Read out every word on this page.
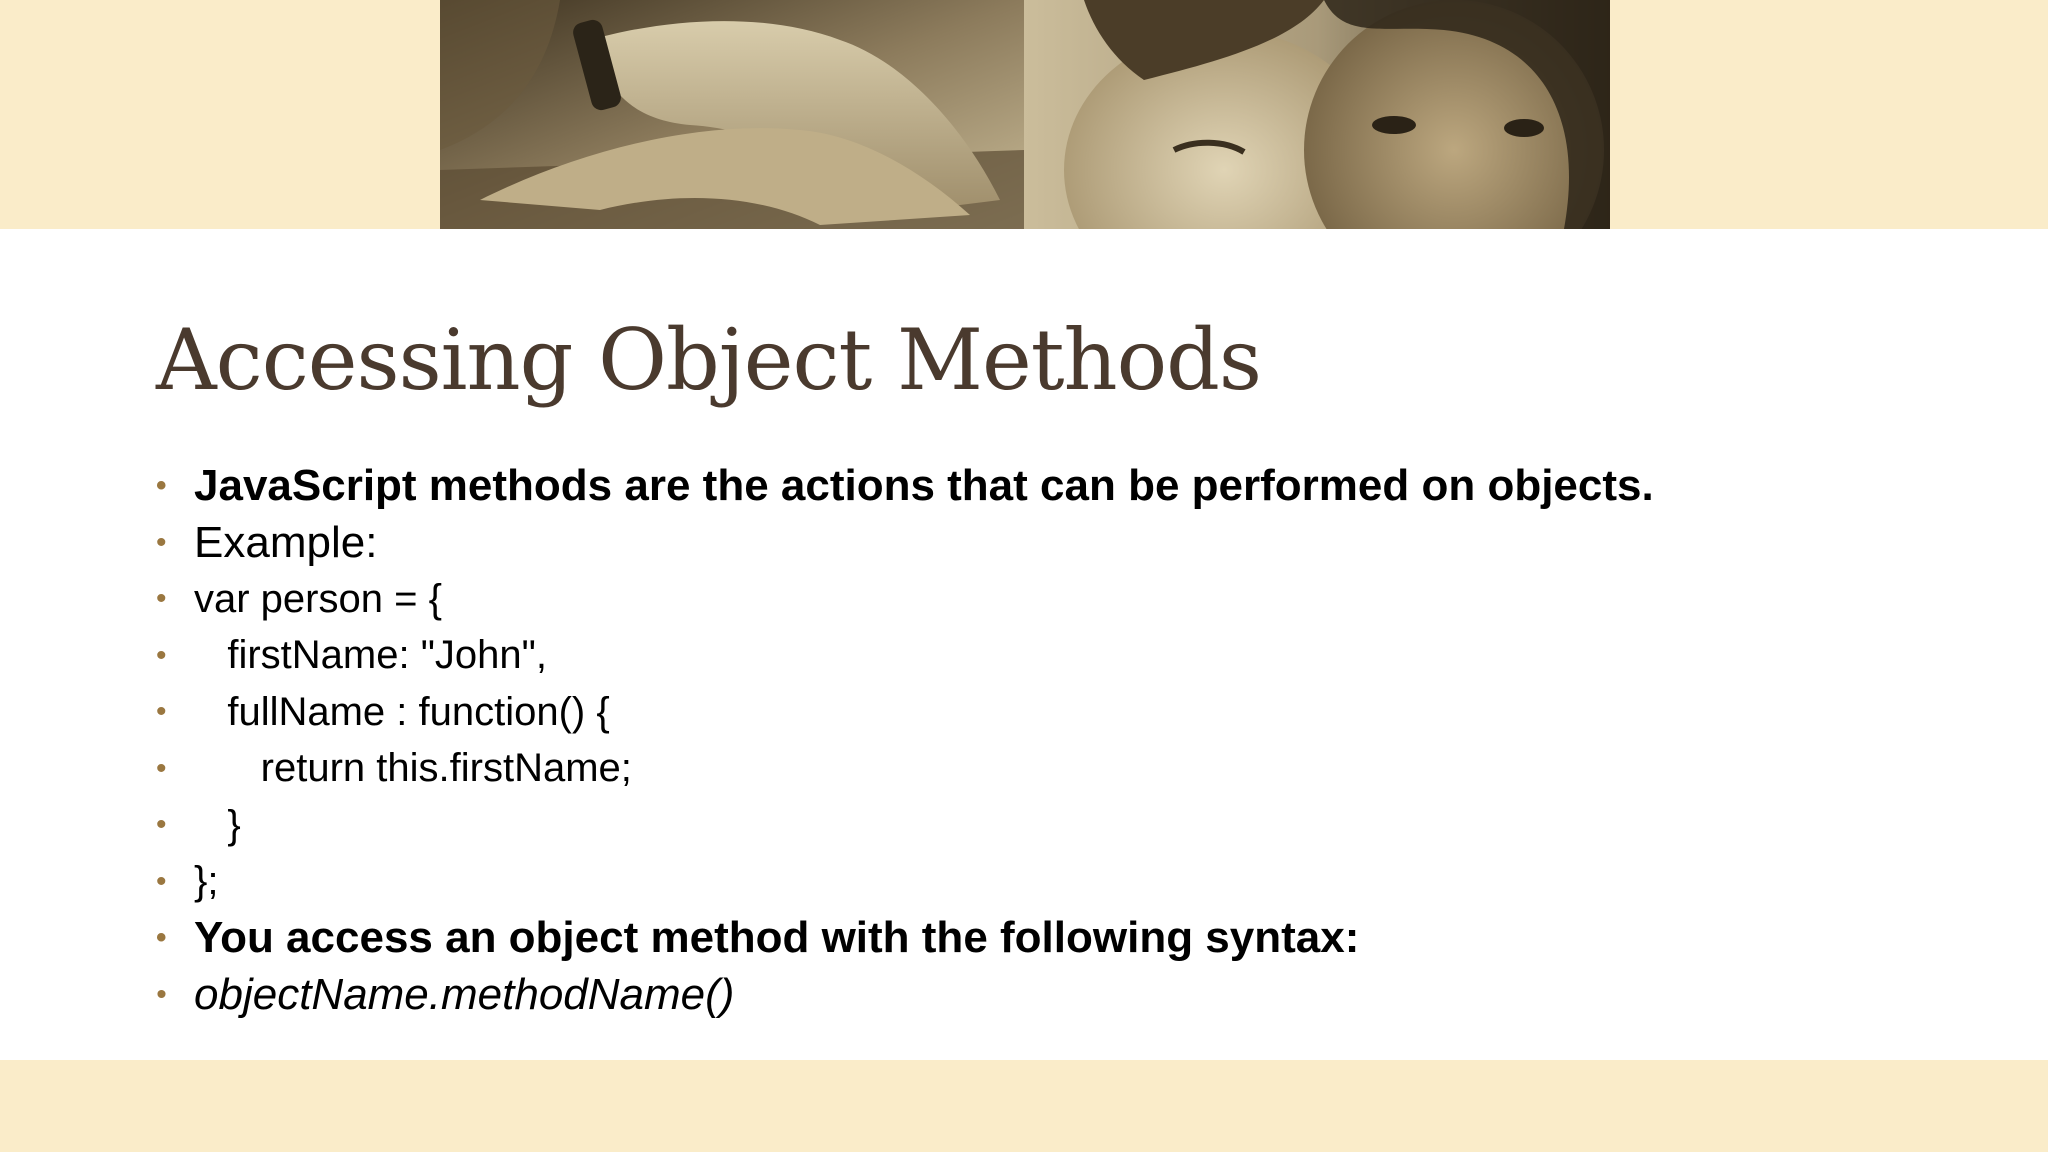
Accessing Object Methods
• JavaScript methods are the actions that can be performed on objects.
• Example:
• var person = {
• firstName: "John",
• fullName : function() {
• return this.firstName;
• }
• };
• You access an object method with the following syntax:
• objectName.methodName()
